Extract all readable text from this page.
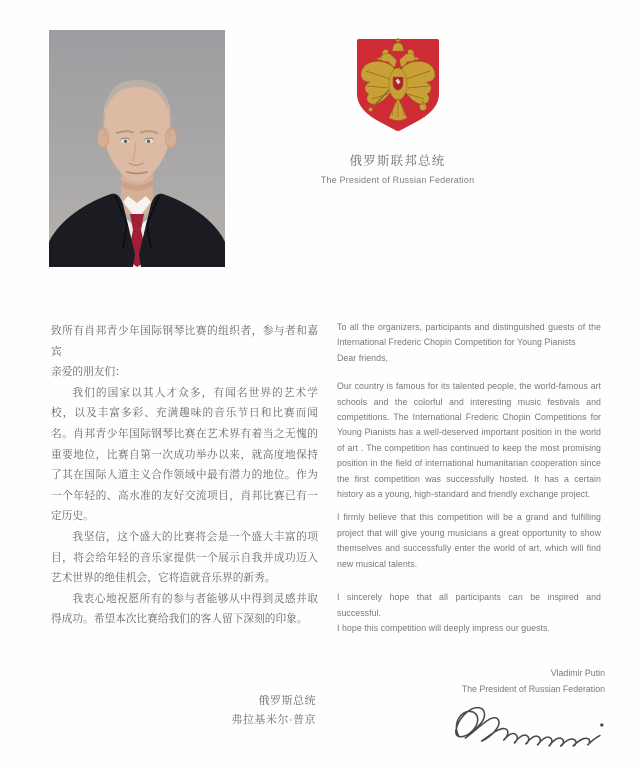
俄罗斯联邦总统
The President of Russian Federation

致所有肖邦青少年国际钢琴比赛的组织者，参与者和嘉宾

亲爱的朋友们：

我们的国家以其人才众多，有闻名世界的艺术学校，以及丰富多彩、充满趣味的音乐节日和比赛而闻名。肖邦青少年国际钢琴比赛在艺术界有着当之无愧的重要地位，比赛自第一次成功举办以来，就高度地保持了其在国际人道主义合作领域中最有潜力的地位。作为一个年轻的、高水准的友好交流项目，肖邦比赛已有一定历史。

我坚信，这个盛大的比赛将会是一个盛大丰富的项目，将会给年轻的音乐家提供一个展示自我并成功迈入艺术世界的绝佳机会，它将造就音乐界的新秀。

我衷心地祝愿所有的参与者能够从中得到灵感并取得成功。希望本次比赛给我们的客人留下深刻的印象。

To all the organizers, participants and distinguished guests of the International Frederic Chopin Competition for Young Pianists

Dear friends,

Our country is famous for its talented people, the world-famous art schools and the colorful and interesting music festivals and competitions. The International Frederic Chopin Competitions for Young Pianists has a well-deserved important position in the world of art . The competition has continued to keep the most promising position in the field of international humanitarian cooperation since the first competition was successfully hosted. It has a certain history as a young, high-standard and friendly exchange project.

I firmly believe that this competition will be a grand and fulfilling project that will give young musicians a great opportunity to show themselves and successfully enter the world of art, which will find new musical talents.

I sincerely hope that all participants can be inspired and successful.

I hope this competition will deeply impress our guests.

Vladimir Putin
The President of Russian Federation
俄罗斯总统
弗拉基米尔·普京
